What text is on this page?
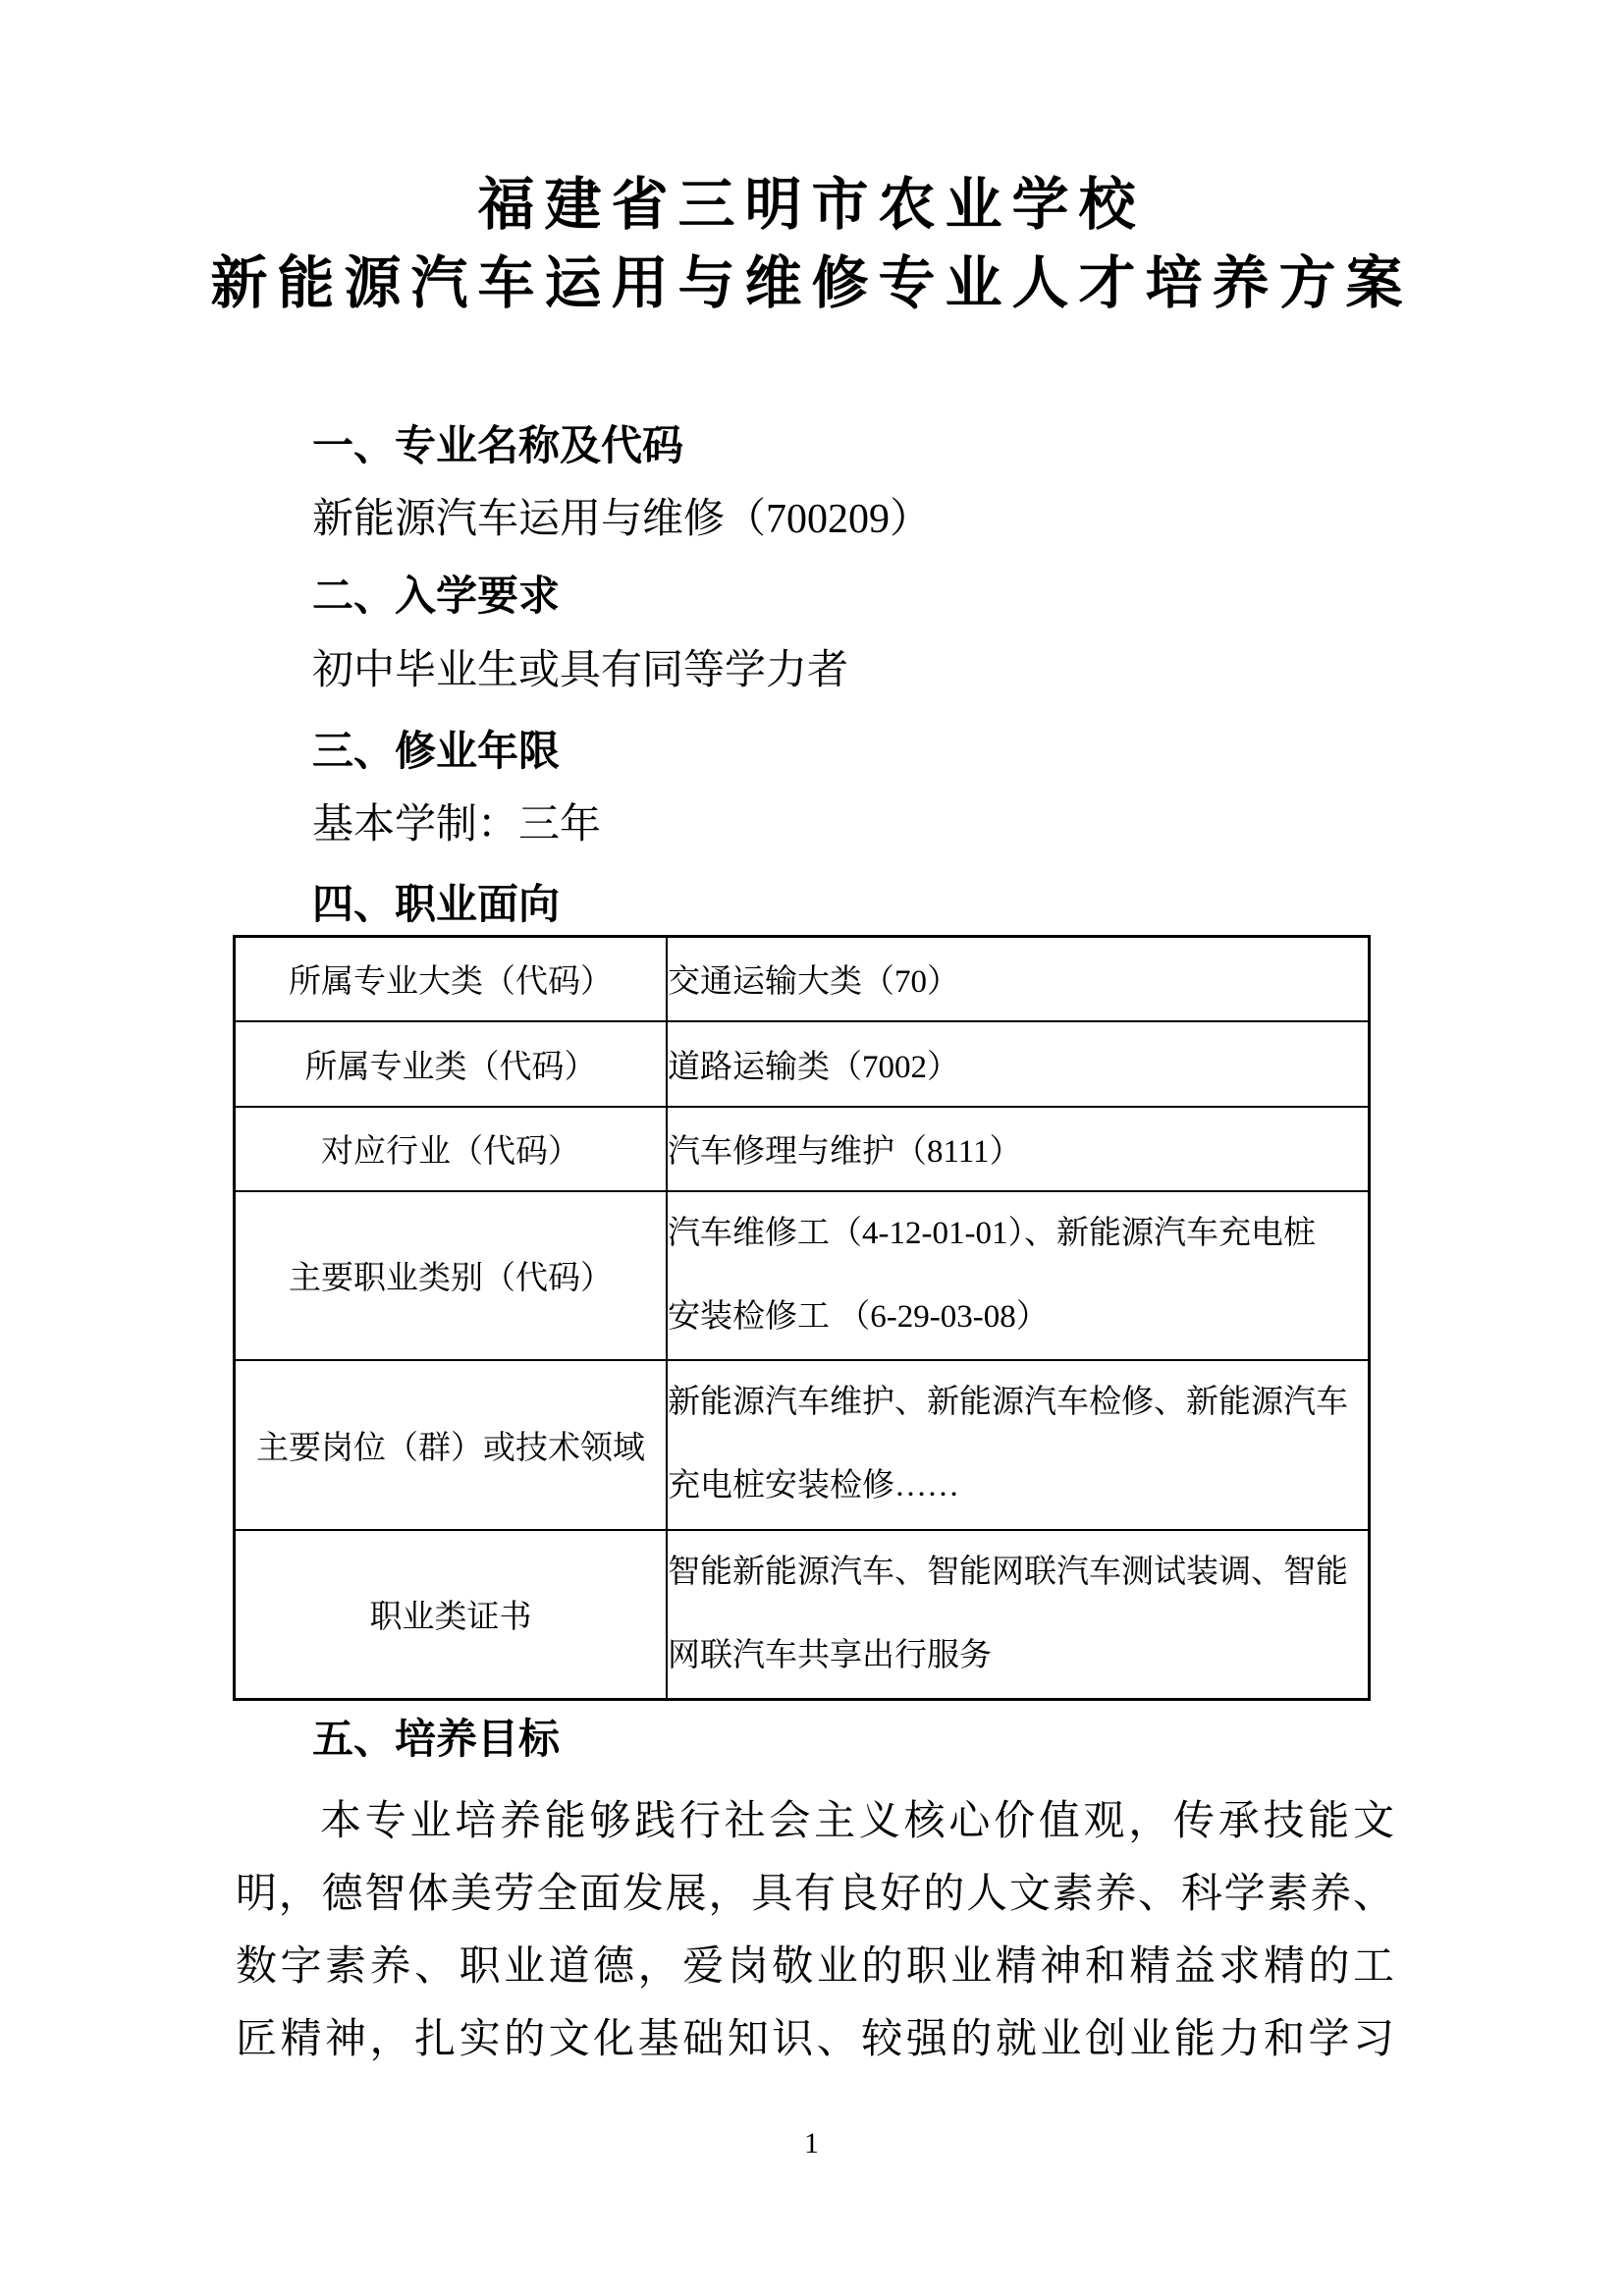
福建省三明市农业学校
新能源汽车运用与维修专业人才培养方案
一、专业名称及代码
新能源汽车运用与维修（700209）
二、入学要求
初中毕业生或具有同等学力者
三、修业年限
基本学制：三年
四、职业面向
所属专业大类（代码）	交通运输大类（70）

所属专业类（代码）	道路运输类（7002）

对应行业（代码）	汽车修理与维护（8111）

主要职业类别（代码）	汽车维修工（4-12-01-01）、新能源汽车充电桩
安装检修工 （6-29-03-08）

主要岗位（群）或技术领域	新能源汽车维护、新能源汽车检修、新能源汽车
充电桩安装检修……

职业类证书	智能新能源汽车、智能网联汽车测试装调、智能
网联汽车共享出行服务
五、培养目标
本专业培养能够践行社会主义核心价值观，传承技能文
明，德智体美劳全面发展，具有良好的人文素养、科学素养、
数字素养、职业道德，爱岗敬业的职业精神和精益求精的工
匠精神，扎实的文化基础知识、较强的就业创业能力和学习
1
